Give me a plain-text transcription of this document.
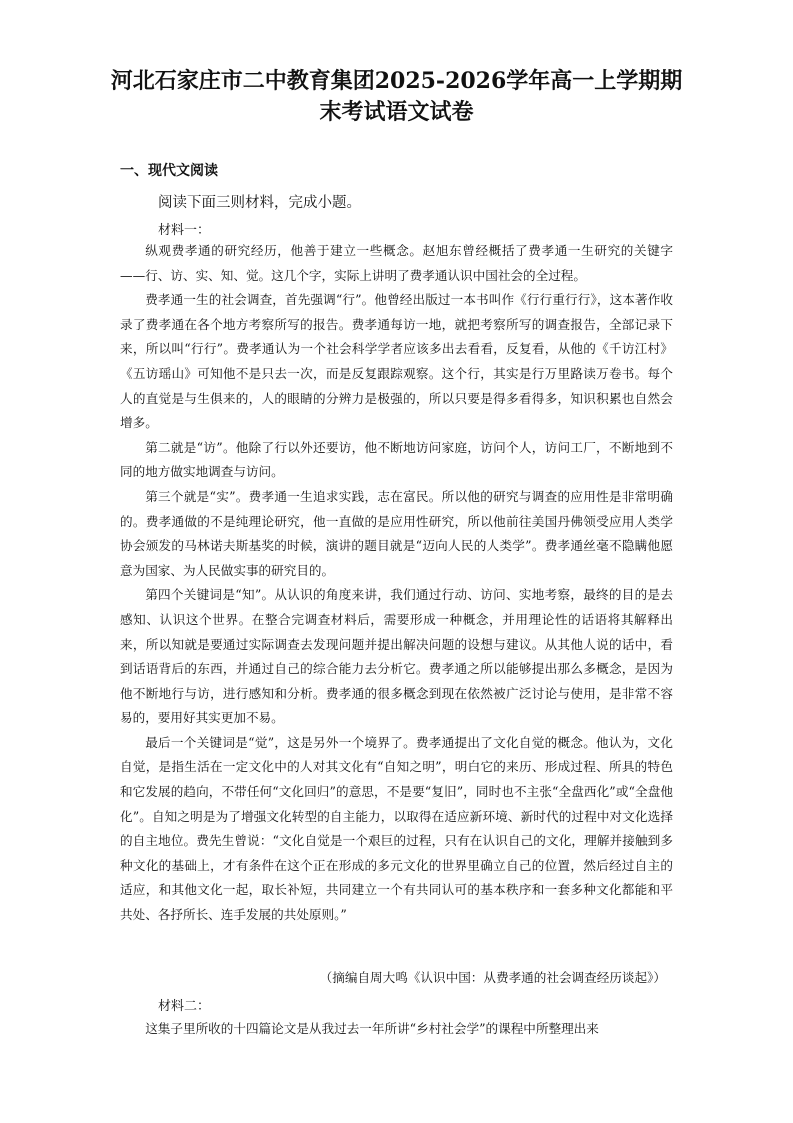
河北石家庄市二中教育集团2025-2026学年高一上学期期
末考试语文试卷
一、现代文阅读

阅读下面三则材料，完成小题。

材料一：

纵观费孝通的研究经历，他善于建立一些概念。赵旭东曾经概括了费孝通一生研究的关键字——行、访、实、知、觉。这几个字，实际上讲明了费孝通认识中国社会的全过程。

费孝通一生的社会调查，首先强调“行”。他曾经出版过一本书叫作《行行重行行》，这本著作收录了费孝通在各个地方考察所写的报告。费孝通每访一地，就把考察所写的调查报告，全部记录下来，所以叫“行行”。费孝通认为一个社会科学学者应该多出去看看，反复看，从他的《千访江村》《五访瑶山》可知他不是只去一次，而是反复跟踪观察。这个行，其实是行万里路读万卷书。每个人的直觉是与生俱来的，人的眼睛的分辨力是极强的，所以只要是得多看得多，知识积累也自然会增多。

第二就是“访”。他除了行以外还要访，他不断地访问家庭，访问个人，访问工厂，不断地到不同的地方做实地调查与访问。

第三个就是“实”。费孝通一生追求实践，志在富民。所以他的研究与调查的应用性是非常明确的。费孝通做的不是纯理论研究，他一直做的是应用性研究，所以他前往美国丹佛领受应用人类学协会颁发的马林诺夫斯基奖的时候，演讲的题目就是“迈向人民的人类学”。费孝通丝毫不隐瞒他愿意为国家、为人民做实事的研究目的。

第四个关键词是“知”。从认识的角度来讲，我们通过行动、访问、实地考察，最终的目的是去感知、认识这个世界。在整合完调查材料后，需要形成一种概念，并用理论性的话语将其解释出来，所以知就是要通过实际调查去发现问题并提出解决问题的设想与建议。从其他人说的话中，看到话语背后的东西，并通过自己的综合能力去分析它。费孝通之所以能够提出那么多概念，是因为他不断地行与访，进行感知和分析。费孝通的很多概念到现在依然被广泛讨论与使用，是非常不容易的，要用好其实更加不易。

最后一个关键词是“觉”，这是另外一个境界了。费孝通提出了文化自觉的概念。他认为，文化自觉，是指生活在一定文化中的人对其文化有“自知之明”，明白它的来历、形成过程、所具的特色和它发展的趋向，不带任何“文化回归”的意思，不是要“复旧”，同时也不主张“全盘西化”或“全盘他化”。自知之明是为了增强文化转型的自主能力，以取得在适应新环境、新时代的过程中对文化选择的自主地位。费先生曾说：“文化自觉是一个艰巨的过程，只有在认识自己的文化，理解并接触到多种文化的基础上，才有条件在这个正在形成的多元文化的世界里确立自己的位置，然后经过自主的适应，和其他文化一起，取长补短，共同建立一个有共同认可的基本秩序和一套多种文化都能和平共处、各抒所长、连手发展的共处原则。”

（摘编自周大鸣《认识中国：从费孝通的社会调查经历谈起》）

材料二：

这集子里所收的十四篇论文是从我过去一年所讲“乡村社会学”的课程中所整理出来
